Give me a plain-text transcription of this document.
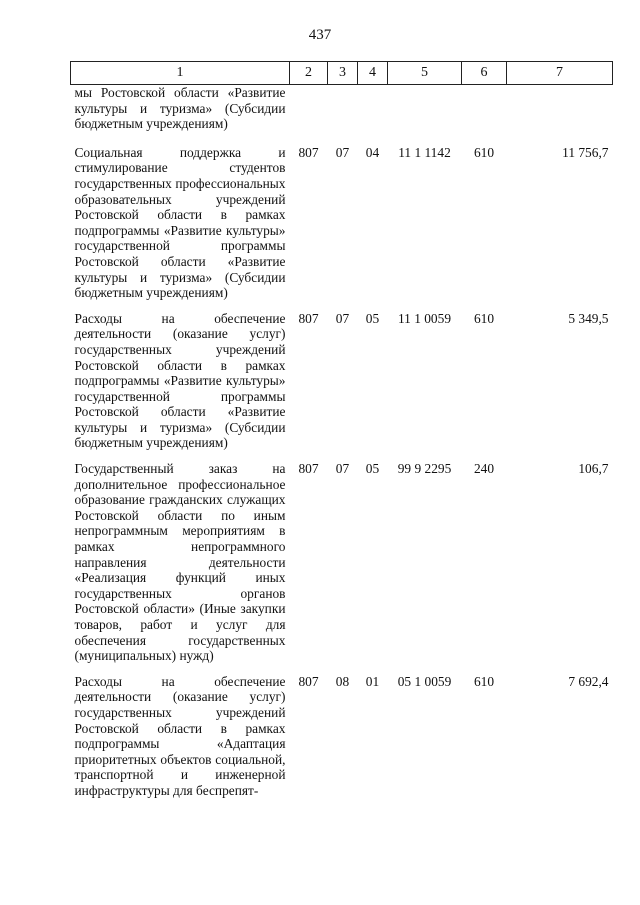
437
1	2	3	4	5	6	7
мы Ростовской области «Развитие культуры и туризма» (Субсидии бюджетным учреждениям)						
Социальная поддержка и стимулирование студентов государственных профессиональных образовательных учреждений Ростовской области в рамках подпрограммы «Развитие культуры» государственной программы Ростовской области «Развитие культуры и туризма» (Субсидии бюджетным учреждениям)	807	07	04	11 1 1142	610	11 756,7
Расходы на обеспечение деятельности (оказание услуг) государственных учреждений Ростовской области в рамках подпрограммы «Развитие культуры» государственной программы Ростовской области «Развитие культуры и туризма» (Субсидии бюджетным учреждениям)	807	07	05	11 1 0059	610	5 349,5
Государственный заказ на дополнительное профессиональное образование гражданских служащих Ростовской области по иным непрограммным мероприятиям в рамках непрограммного направления деятельности «Реализация функций иных государственных органов Ростовской области» (Иные закупки товаров, работ и услуг для обеспечения государственных (муниципальных) нужд)	807	07	05	99 9 2295	240	106,7
Расходы на обеспечение деятельности (оказание услуг) государственных учреждений Ростовской области в рамках подпрограммы «Адаптация приоритетных объектов социальной, транспортной и инженерной инфраструктуры для беспрепят-	807	08	01	05 1 0059	610	7 692,4
